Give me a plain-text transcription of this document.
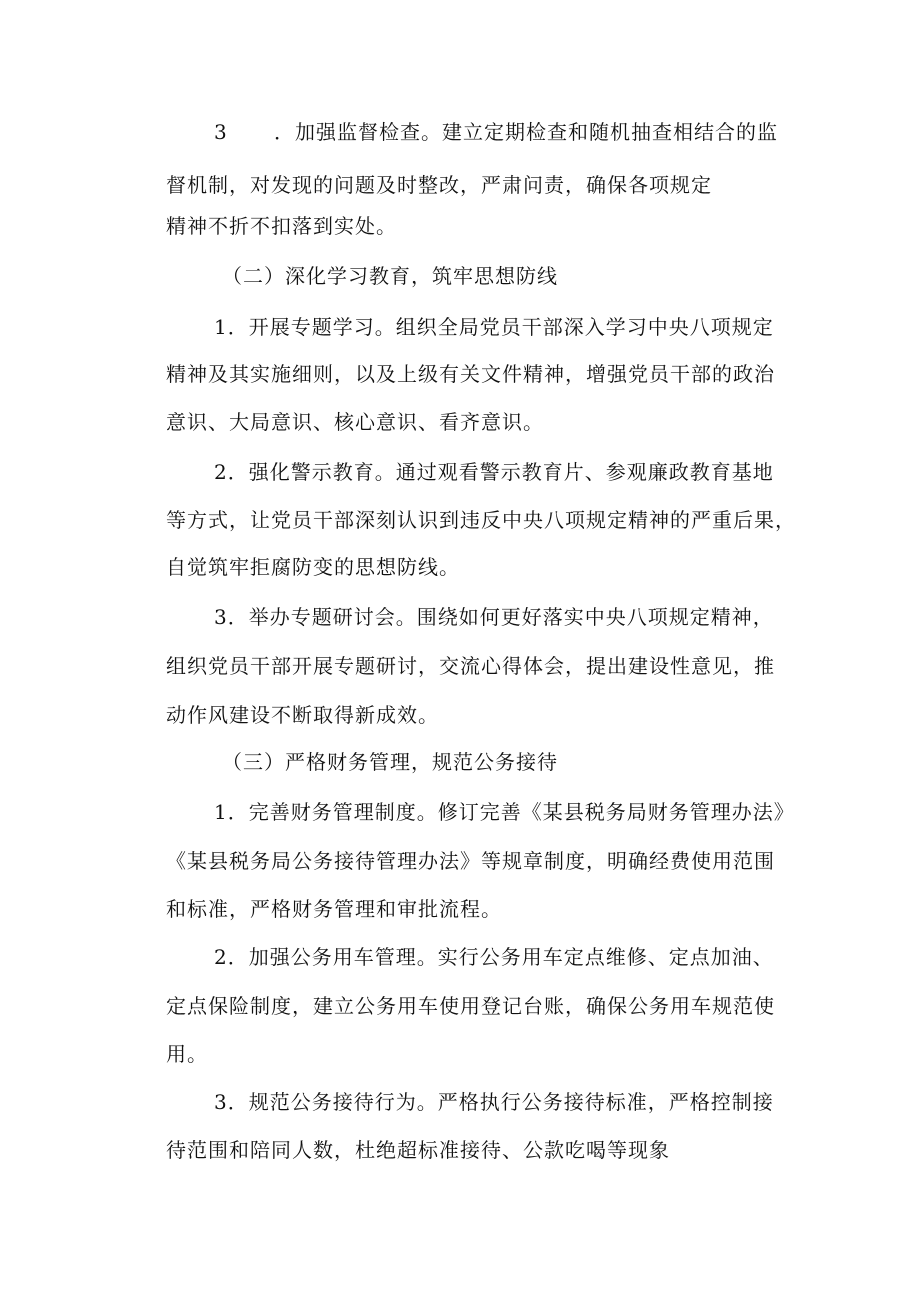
3 ．加强监督检查。建立定期检查和随机抽查相结合的监
督机制，对发现的问题及时整改，严肃问责，确保各项规定
精神不折不扣落到实处。
（二）深化学习教育，筑牢思想防线
1．开展专题学习。组织全局党员干部深入学习中央八项规定
精神及其实施细则，以及上级有关文件精神，增强党员干部的政治
意识、大局意识、核心意识、看齐意识。
2．强化警示教育。通过观看警示教育片、参观廉政教育基地
等方式，让党员干部深刻认识到违反中央八项规定精神的严重后果，
自觉筑牢拒腐防变的思想防线。
3．举办专题研讨会。围绕如何更好落实中央八项规定精神，
组织党员干部开展专题研讨，交流心得体会，提出建设性意见，推
动作风建设不断取得新成效。
（三）严格财务管理，规范公务接待
1．完善财务管理制度。修订完善《某县税务局财务管理办法》
《某县税务局公务接待管理办法》等规章制度，明确经费使用范围
和标准，严格财务管理和审批流程。
2．加强公务用车管理。实行公务用车定点维修、定点加油、
定点保险制度，建立公务用车使用登记台账，确保公务用车规范使
用。
3．规范公务接待行为。严格执行公务接待标准，严格控制接
待范围和陪同人数，杜绝超标准接待、公款吃喝等现象
